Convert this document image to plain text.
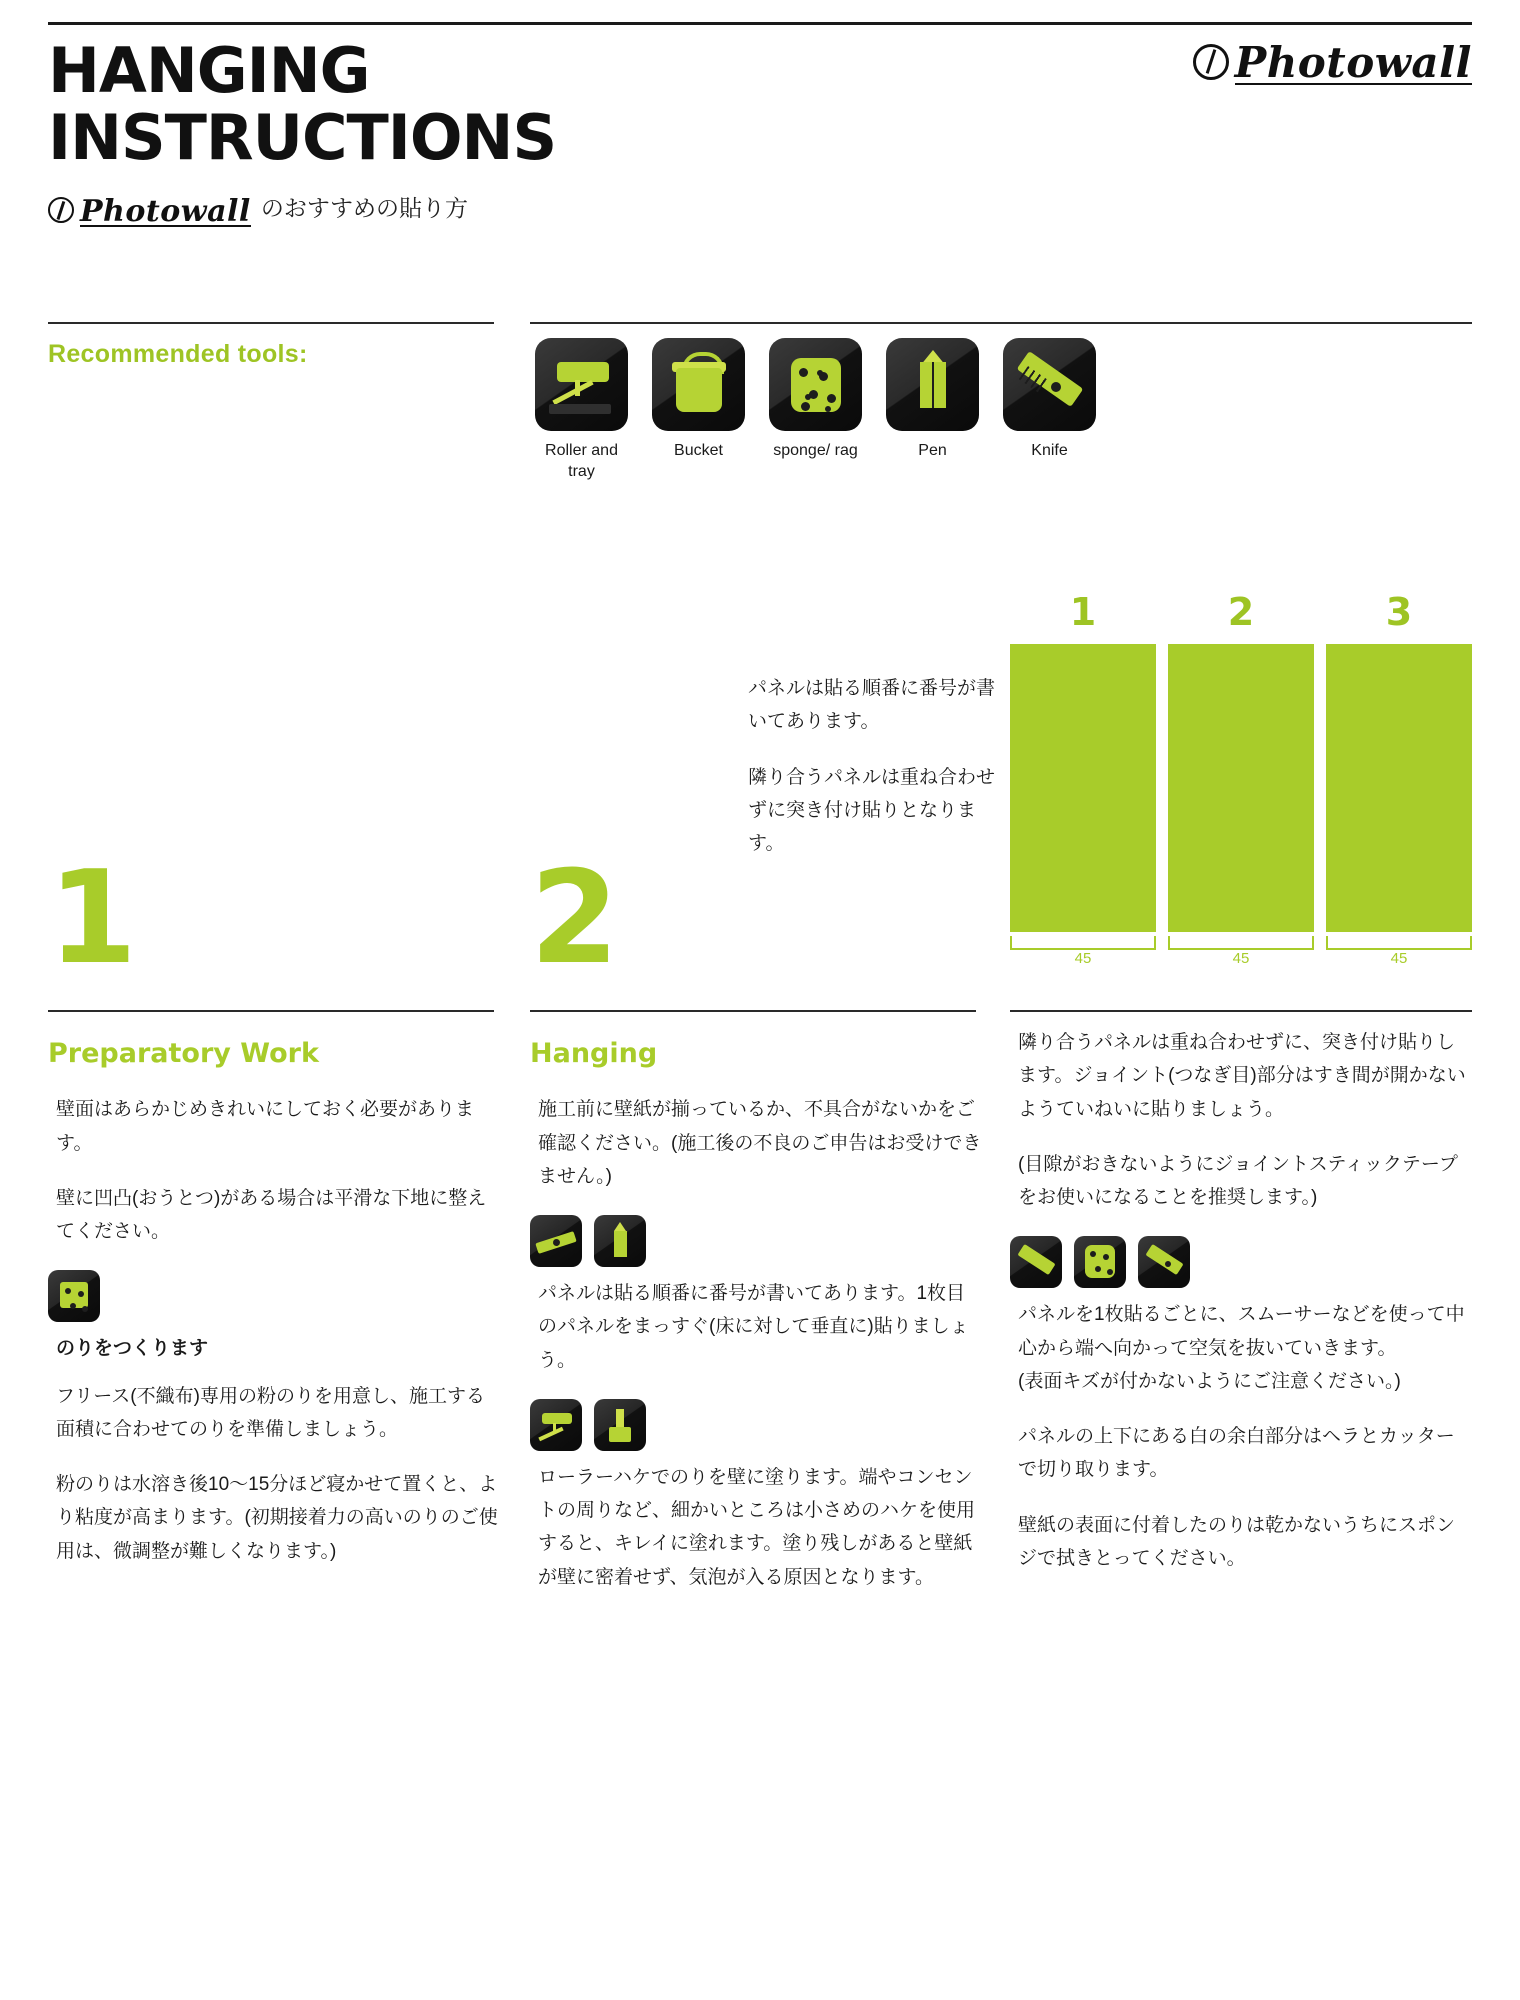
Photowall
HANGING
INSTRUCTIONS
Photowall のおすすめの貼り方
Recommended tools:
Roller and tray
Bucket	sponge/ rag	Pen	Knife

パネルは貼る順番に番号が書いてあります。

隣り合うパネルは重ね合わせずに突き付け貼りとなります。

1	2	3
45	45	45
1	2
Preparatory Work

壁面はあらかじめきれいにしておく必要があります。

壁に凹凸(おうとつ)がある場合は平滑な下地に整えてください。

のりをつくります

フリース(不織布)専用の粉のりを用意し、施工する面積に合わせてのりを準備しましょう。

粉のりは水溶き後10〜15分ほど寝かせて置くと、より粘度が高まります。(初期接着力の高いのりのご使用は、微調整が難しくなります。)

Hanging

施工前に壁紙が揃っているか、不具合がないかをご確認ください。(施工後の不良のご申告はお受けできません。)

パネルは貼る順番に番号が書いてあります。1枚目のパネルをまっすぐ(床に対して垂直に)貼りましょう。

ローラーハケでのりを壁に塗ります。端やコンセントの周りなど、細かいところは小さめのハケを使用すると、キレイに塗れます。塗り残しがあると壁紙が壁に密着せず、気泡が入る原因となります。

隣り合うパネルは重ね合わせずに、突き付け貼りします。ジョイント(つなぎ目)部分はすき間が開かないようていねいに貼りましょう。

(目隙がおきないようにジョイントスティックテープをお使いになることを推奨します。)

パネルを1枚貼るごとに、スムーサーなどを使って中心から端へ向かって空気を抜いていきます。

(表面キズが付かないようにご注意ください。)

パネルの上下にある白の余白部分はヘラとカッターで切り取ります。

壁紙の表面に付着したのりは乾かないうちにスポンジで拭きとってください。
